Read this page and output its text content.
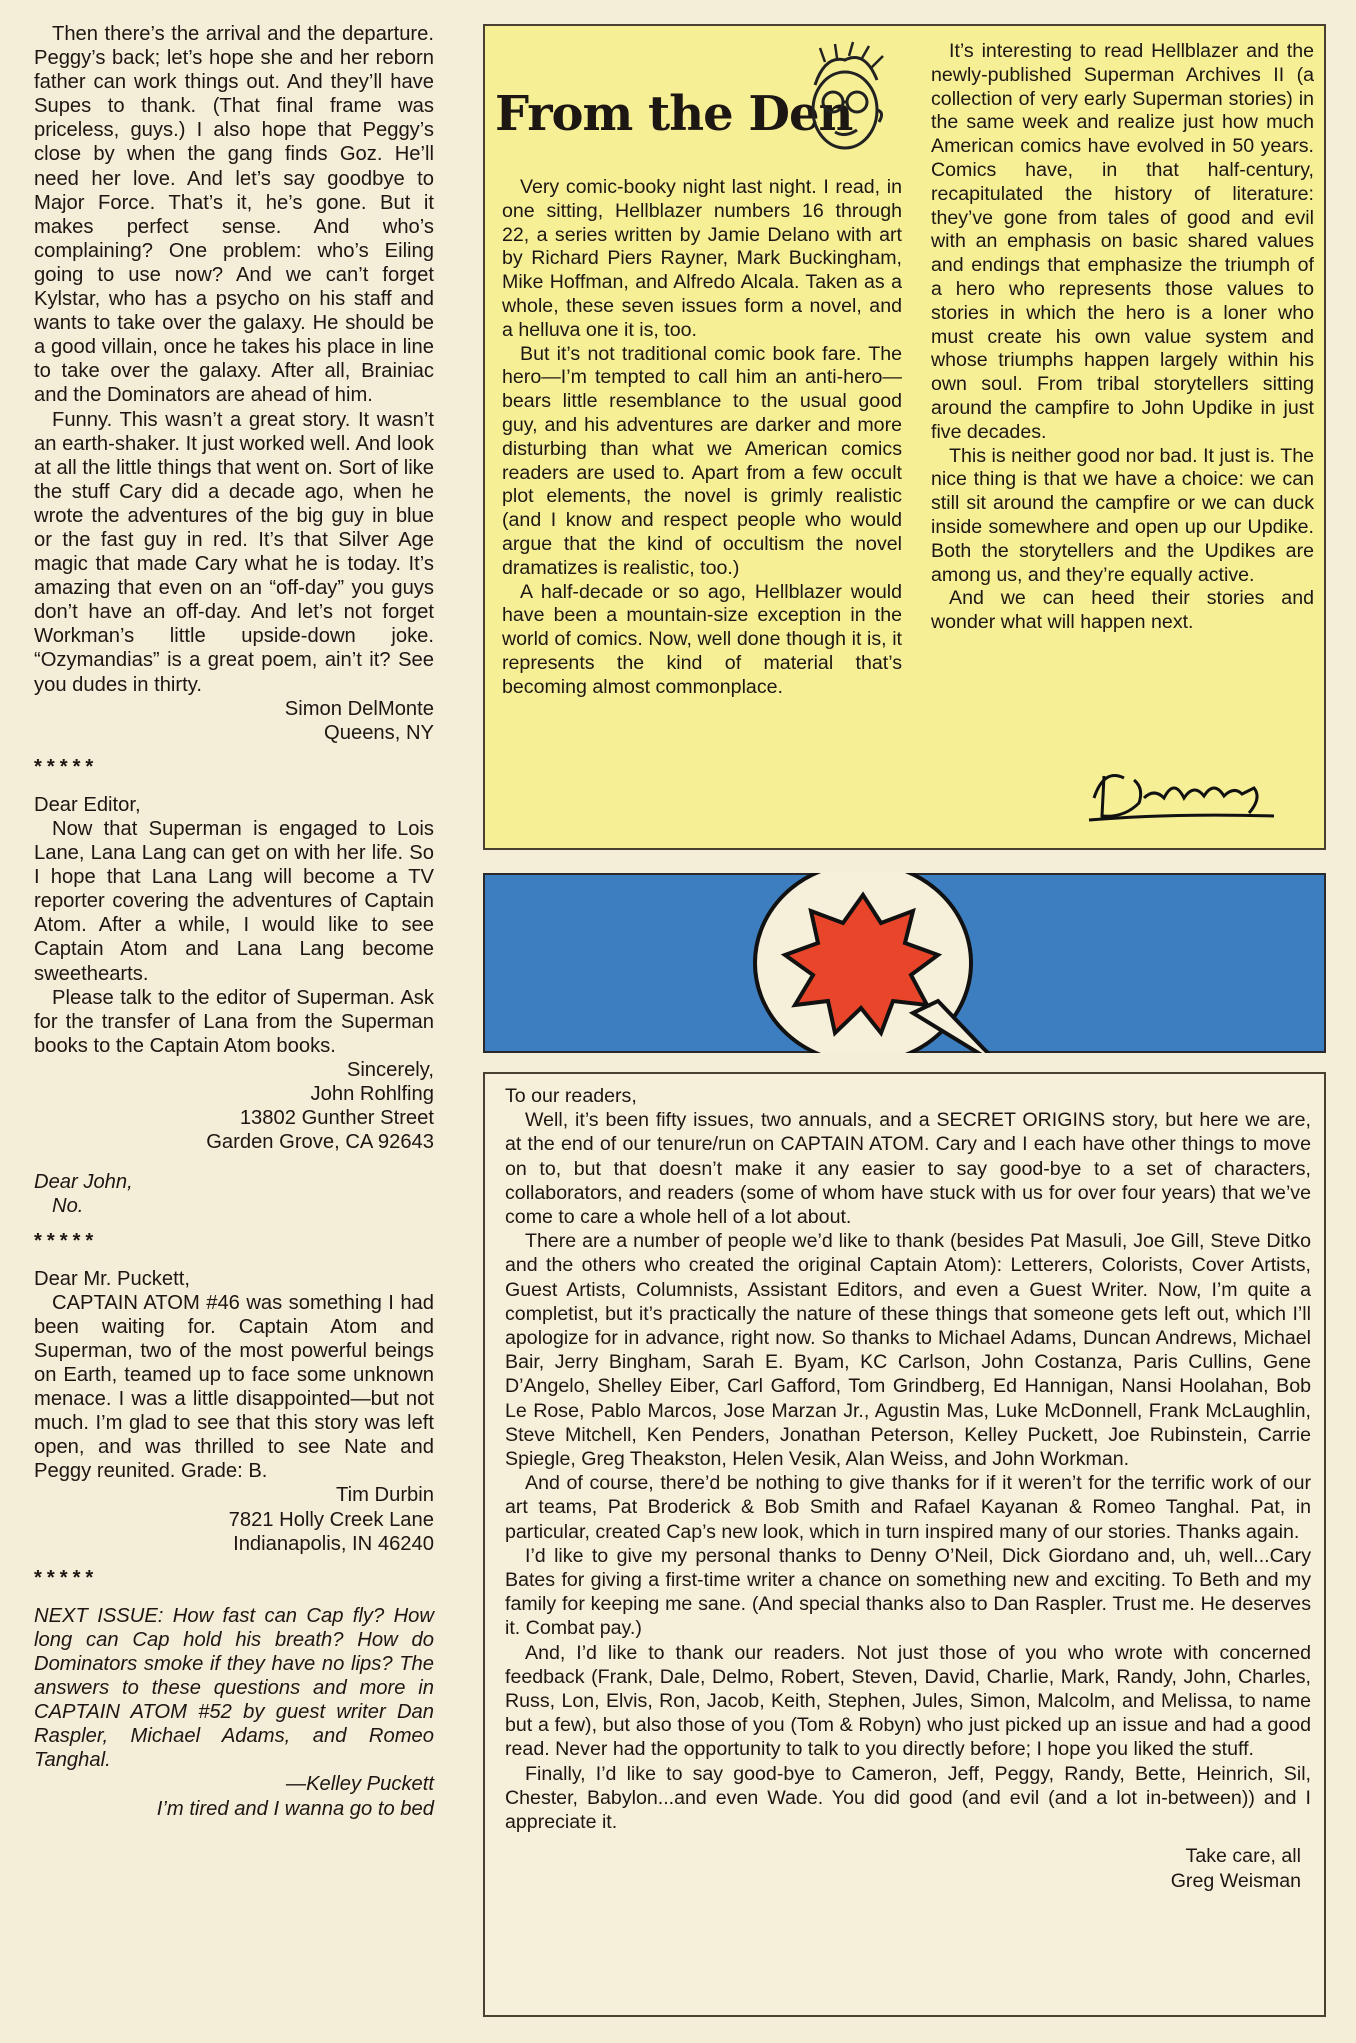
Then there’s the arrival and the departure. Peggy’s back; let’s hope she and her reborn father can work things out. And they’ll have Supes to thank. (That final frame was priceless, guys.) I also hope that Peggy’s close by when the gang finds Goz. He’ll need her love. And let’s say goodbye to Major Force. That’s it, he’s gone. But it makes perfect sense. And who’s complaining? One problem: who’s Eiling going to use now? And we can’t forget Kylstar, who has a psycho on his staff and wants to take over the galaxy. He should be a good villain, once he takes his place in line to take over the galaxy. After all, Brainiac and the Dominators are ahead of him.

Funny. This wasn’t a great story. It wasn’t an earth-shaker. It just worked well. And look at all the little things that went on. Sort of like the stuff Cary did a decade ago, when he wrote the adventures of the big guy in blue or the fast guy in red. It’s that Silver Age magic that made Cary what he is today. It’s amazing that even on an “off-day” you guys don’t have an off-day. And let’s not forget Workman’s little upside-down joke. “Ozymandias” is a great poem, ain’t it? See you dudes in thirty.

Simon DelMonte

Queens, NY

*****

Dear Editor,

Now that Superman is engaged to Lois Lane, Lana Lang can get on with her life. So I hope that Lana Lang will become a TV reporter covering the adventures of Captain Atom. After a while, I would like to see Captain Atom and Lana Lang become sweethearts.

Please talk to the editor of Superman. Ask for the transfer of Lana from the Superman books to the Captain Atom books.

Sincerely,

John Rohlfing

13802 Gunther Street

Garden Grove, CA 92643

Dear John,

No.

*****

Dear Mr. Puckett,

CAPTAIN ATOM #46 was something I had been waiting for. Captain Atom and Superman, two of the most powerful beings on Earth, teamed up to face some unknown menace. I was a little disappointed—but not much. I’m glad to see that this story was left open, and was thrilled to see Nate and Peggy reunited. Grade: B.

Tim Durbin

7821 Holly Creek Lane

Indianapolis, IN 46240

*****

NEXT ISSUE: How fast can Cap fly? How long can Cap hold his breath? How do Dominators smoke if they have no lips? The answers to these questions and more in CAPTAIN ATOM #52 by guest writer Dan Raspler, Michael Adams, and Romeo Tanghal.

—Kelley Puckett

I’m tired and I wanna go to bed

From the Den

Very comic-booky night last night. I read, in one sitting, Hellblazer numbers 16 through 22, a series written by Jamie Delano with art by Richard Piers Rayner, Mark Buckingham, Mike Hoffman, and Alfredo Alcala. Taken as a whole, these seven issues form a novel, and a helluva one it is, too.

But it’s not traditional comic book fare. The hero—I’m tempted to call him an anti-hero—bears little resemblance to the usual good guy, and his adventures are darker and more disturbing than what we American comics readers are used to. Apart from a few occult plot elements, the novel is grimly realistic (and I know and respect people who would argue that the kind of occultism the novel dramatizes is realistic, too.)

A half-decade or so ago, Hellblazer would have been a mountain-size exception in the world of comics. Now, well done though it is, it represents the kind of material that’s becoming almost commonplace.

It’s interesting to read Hellblazer and the newly-published Superman Archives II (a collection of very early Superman stories) in the same week and realize just how much American comics have evolved in 50 years. Comics have, in that half-century, recapitulated the history of literature: they’ve gone from tales of good and evil with an emphasis on basic shared values and endings that emphasize the triumph of a hero who represents those values to stories in which the hero is a loner who must create his own value system and whose triumphs happen largely within his own soul. From tribal storytellers sitting around the campfire to John Updike in just five decades.

This is neither good nor bad. It just is. The nice thing is that we have a choice: we can still sit around the campfire or we can duck inside somewhere and open up our Updike. Both the storytellers and the Updikes are among us, and they’re equally active.

And we can heed their stories and wonder what will happen next.

To our readers,

Well, it’s been fifty issues, two annuals, and a SECRET ORIGINS story, but here we are, at the end of our tenure/run on CAPTAIN ATOM. Cary and I each have other things to move on to, but that doesn’t make it any easier to say good-bye to a set of characters, collaborators, and readers (some of whom have stuck with us for over four years) that we’ve come to care a whole hell of a lot about.

There are a number of people we’d like to thank (besides Pat Masuli, Joe Gill, Steve Ditko and the others who created the original Captain Atom): Letterers, Colorists, Cover Artists, Guest Artists, Columnists, Assistant Editors, and even a Guest Writer. Now, I’m quite a completist, but it’s practically the nature of these things that someone gets left out, which I’ll apologize for in advance, right now. So thanks to Michael Adams, Duncan Andrews, Michael Bair, Jerry Bingham, Sarah E. Byam, KC Carlson, John Costanza, Paris Cullins, Gene D’Angelo, Shelley Eiber, Carl Gafford, Tom Grindberg, Ed Hannigan, Nansi Hoolahan, Bob Le Rose, Pablo Marcos, Jose Marzan Jr., Agustin Mas, Luke McDonnell, Frank McLaughlin, Steve Mitchell, Ken Penders, Jonathan Peterson, Kelley Puckett, Joe Rubinstein, Carrie Spiegle, Greg Theakston, Helen Vesik, Alan Weiss, and John Workman.

And of course, there’d be nothing to give thanks for if it weren’t for the terrific work of our art teams, Pat Broderick & Bob Smith and Rafael Kayanan & Romeo Tanghal. Pat, in particular, created Cap’s new look, which in turn inspired many of our stories. Thanks again.

I’d like to give my personal thanks to Denny O’Neil, Dick Giordano and, uh, well...Cary Bates for giving a first-time writer a chance on something new and exciting. To Beth and my family for keeping me sane. (And special thanks also to Dan Raspler. Trust me. He deserves it. Combat pay.)

And, I’d like to thank our readers. Not just those of you who wrote with concerned feedback (Frank, Dale, Delmo, Robert, Steven, David, Charlie, Mark, Randy, John, Charles, Russ, Lon, Elvis, Ron, Jacob, Keith, Stephen, Jules, Simon, Malcolm, and Melissa, to name but a few), but also those of you (Tom & Robyn) who just picked up an issue and had a good read. Never had the opportunity to talk to you directly before; I hope you liked the stuff.

Finally, I’d like to say good-bye to Cameron, Jeff, Peggy, Randy, Bette, Heinrich, Sil, Chester, Babylon...and even Wade. You did good (and evil (and a lot in-between)) and I appreciate it.

Take care, all

Greg Weisman
